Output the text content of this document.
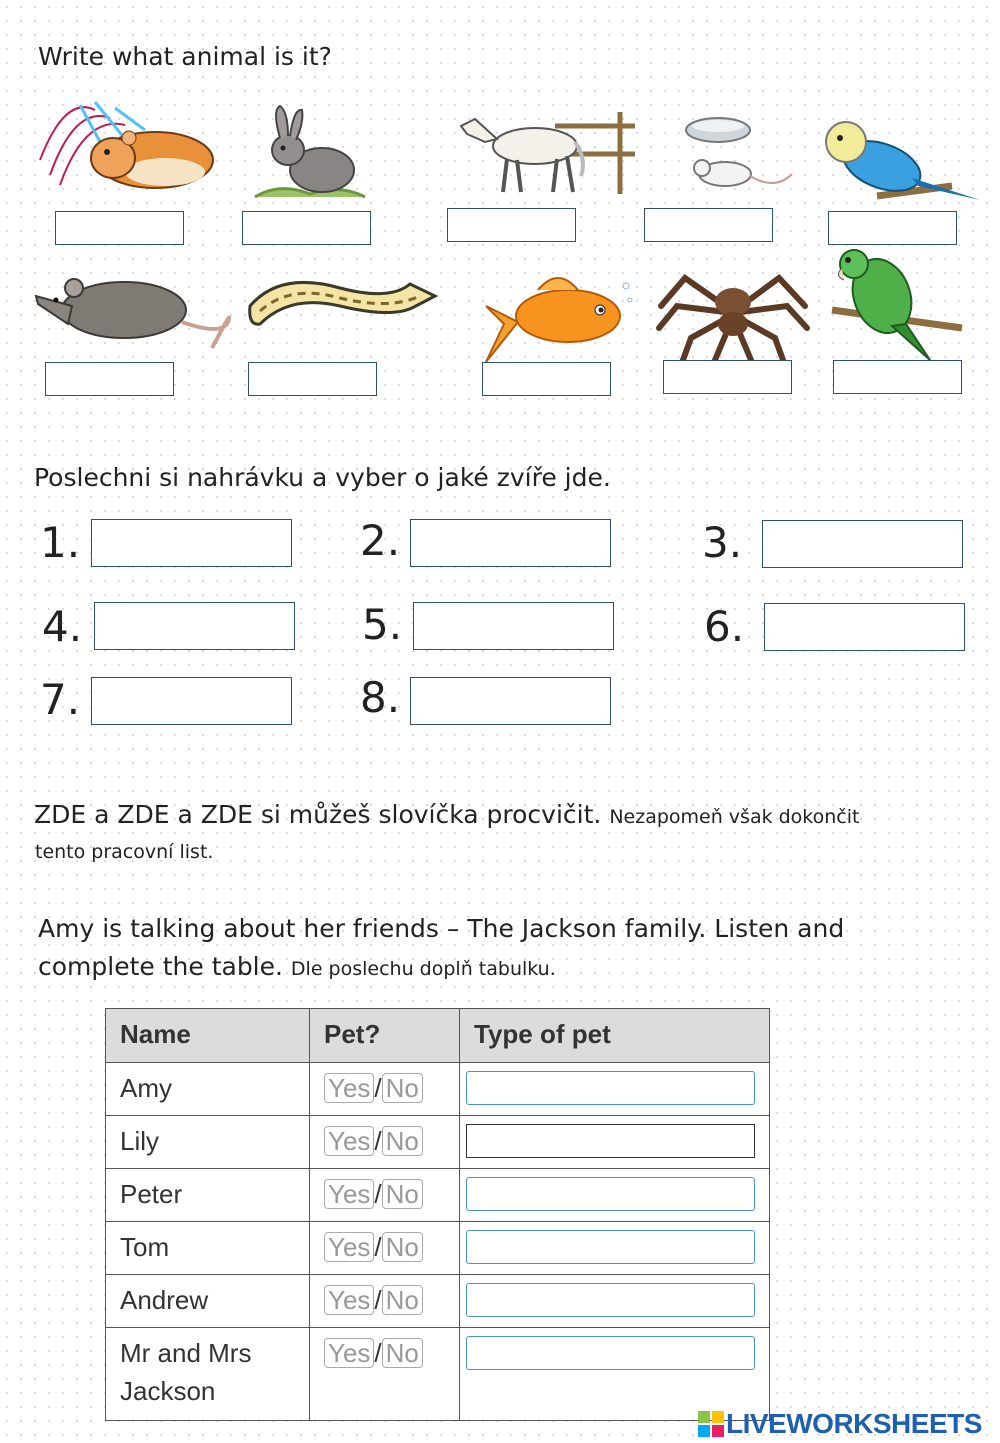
Write what animal is it?
Poslechni si nahrávku a vyber o jaké zvíře jde.
1.	2.	3.
4.	5.	6.
7.	8.
ZDE a ZDE a ZDE si můžeš slovíčka procvičit. Nezapomeň však dokončit
tento pracovní list.
Amy is talking about her friends – The Jackson family. Listen and
complete the table. Dle poslechu doplň tabulku.
Name	Pet?	Type of pet
Amy	Yes / No	

Lily	Yes / No	

Peter	Yes / No	

Tom	Yes / No	

Andrew	Yes / No	

Mr and Mrs
Jackson	Yes / No	
LIVEWORKSHEETS
